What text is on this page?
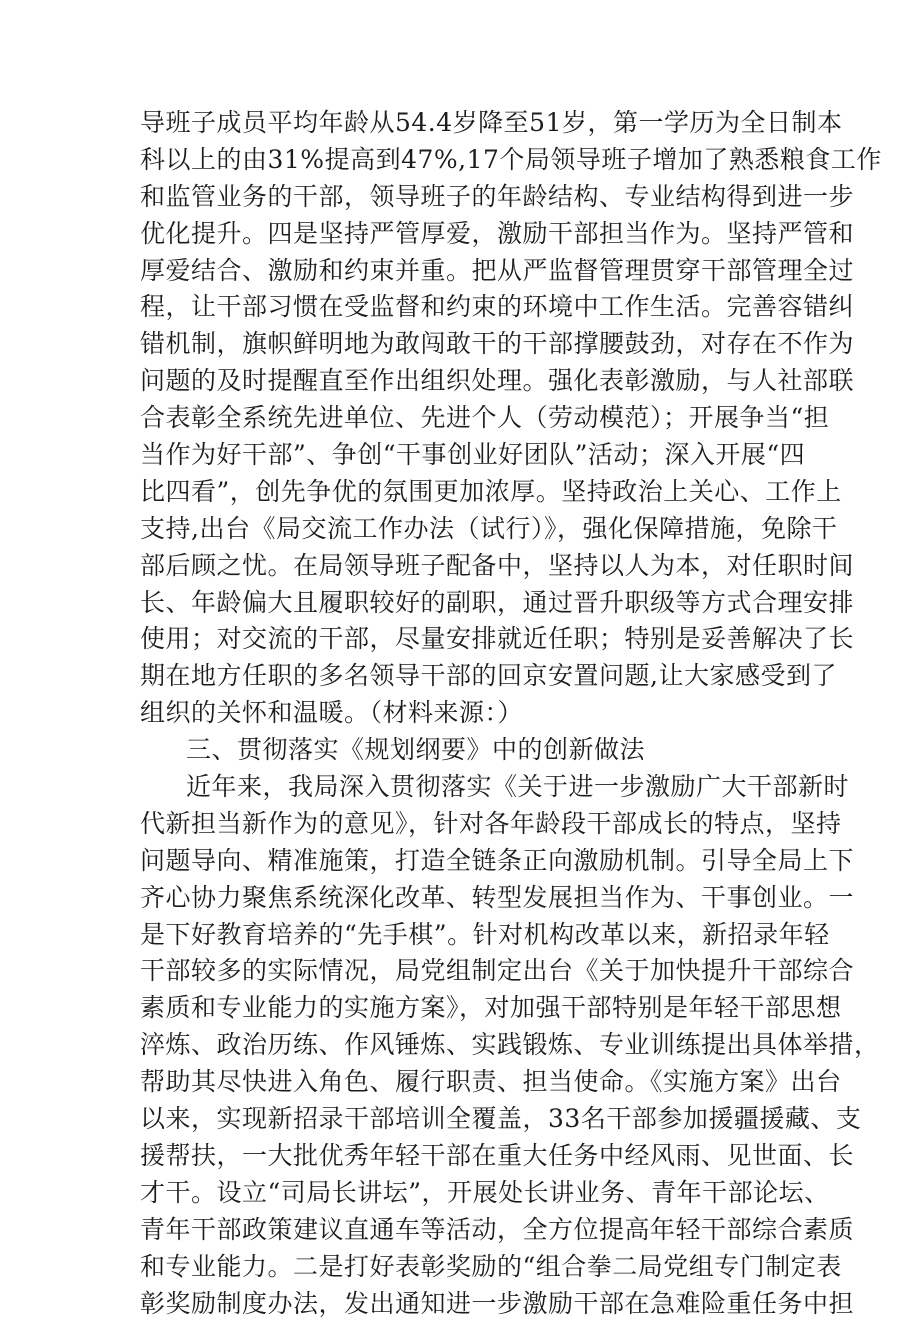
导班子成员平均年龄从54.4岁降至51岁，第一学历为全日制本
科以上的由31%提高到47%,17个局领导班子增加了熟悉粮食工作
和监管业务的干部，领导班子的年龄结构、专业结构得到进一步
优化提升。四是坚持严管厚爱，激励干部担当作为。坚持严管和
厚爱结合、激励和约束并重。把从严监督管理贯穿干部管理全过
程，让干部习惯在受监督和约束的环境中工作生活。完善容错纠
错机制，旗帜鲜明地为敢闯敢干的干部撑腰鼓劲，对存在不作为
问题的及时提醒直至作出组织处理。强化表彰激励，与人社部联
合表彰全系统先进单位、先进个人（劳动模范）；开展争当“担
当作为好干部”、争创“干事创业好团队”活动；深入开展“四
比四看”，创先争优的氛围更加浓厚。坚持政治上关心、工作上
支持,出台《局交流工作办法（试行）》，强化保障措施，免除干
部后顾之忧。在局领导班子配备中，坚持以人为本，对任职时间
长、年龄偏大且履职较好的副职，通过晋升职级等方式合理安排
使用；对交流的干部，尽量安排就近任职；特别是妥善解决了长
期在地方任职的多名领导干部的回京安置问题,让大家感受到了
组织的关怀和温暖。（材料来源：）
三、贯彻落实《规划纲要》中的创新做法
近年来，我局深入贯彻落实《关于进一步激励广大干部新时
代新担当新作为的意见》，针对各年龄段干部成长的特点，坚持
问题导向、精准施策，打造全链条正向激励机制。引导全局上下
齐心协力聚焦系统深化改革、转型发展担当作为、干事创业。一
是下好教育培养的“先手棋”。针对机构改革以来，新招录年轻
干部较多的实际情况，局党组制定出台《关于加快提升干部综合
素质和专业能力的实施方案》，对加强干部特别是年轻干部思想
淬炼、政治历练、作风锤炼、实践锻炼、专业训练提出具体举措，
帮助其尽快进入角色、履行职责、担当使命。《实施方案》出台
以来，实现新招录干部培训全覆盖，33名干部参加援疆援藏、支
援帮扶，一大批优秀年轻干部在重大任务中经风雨、见世面、长
才干。设立“司局长讲坛”，开展处长讲业务、青年干部论坛、
青年干部政策建议直通车等活动，全方位提高年轻干部综合素质
和专业能力。二是打好表彰奖励的“组合拳二局党组专门制定表
彰奖励制度办法，发出通知进一步激励干部在急难险重任务中担
